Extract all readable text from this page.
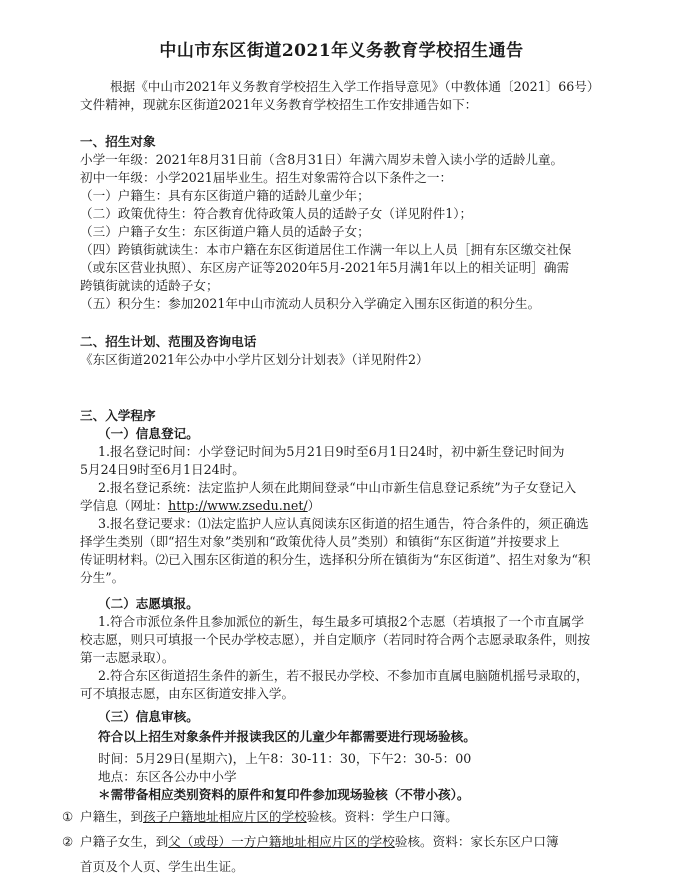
中山市东区街道2021年义务教育学校招生通告
根据《中山市2021年义务教育学校招生入学工作指导意见》（中教体通〔2021〕66号）
文件精神，现就东区街道2021年义务教育学校招生工作安排通告如下：
一、招生对象
小学一年级：2021年8月31日前（含8月31日）年满六周岁未曾入读小学的适龄儿童。
初中一年级：小学2021届毕业生。招生对象需符合以下条件之一：
（一）户籍生：具有东区街道户籍的适龄儿童少年；
（二）政策优待生：符合教育优待政策人员的适龄子女（详见附件1）；
（三）户籍子女生：东区街道户籍人员的适龄子女；
（四）跨镇街就读生：本市户籍在东区街道居住工作满一年以上人员［拥有东区缴交社保
（或东区营业执照）、东区房产证等2020年5月-2021年5月满1年以上的相关证明］确需
跨镇街就读的适龄子女；
（五）积分生：参加2021年中山市流动人员积分入学确定入围东区街道的积分生。
二、招生计划、范围及咨询电话
《东区街道2021年公办中小学片区划分计划表》（详见附件2）
三、入学程序
（一）信息登记。
1.报名登记时间：小学登记时间为5月21日9时至6月1日24时，初中新生登记时间为
5月24日9时至6月1日24时。
2.报名登记系统：法定监护人须在此期间登录“中山市新生信息登记系统”为子女登记入
学信息（网址：http://www.zsedu.net/）
3.报名登记要求：⑴法定监护人应认真阅读东区街道的招生通告，符合条件的，须正确选
择学生类别（即“招生对象”类别和“政策优待人员”类别）和镇街“东区街道”并按要求上
传证明材料。⑵已入围东区街道的积分生，选择积分所在镇街为“东区街道”、招生对象为“积
分生”。
（二）志愿填报。
1.符合市派位条件且参加派位的新生，每生最多可填报2个志愿（若填报了一个市直属学
校志愿，则只可填报一个民办学校志愿），并自定顺序（若同时符合两个志愿录取条件，则按
第一志愿录取）。
2.符合东区街道招生条件的新生，若不报民办学校、不参加市直属电脑随机摇号录取的，
可不填报志愿，由东区街道安排入学。
（三）信息审核。
符合以上招生对象条件并报读我区的儿童少年都需要进行现场验核。
时间：5月29日(星期六)，上午8：30-11：30，下午2：30-5：00
地点：东区各公办中小学
＊需带备相应类别资料的原件和复印件参加现场验核（不带小孩）。
① 户籍生，到孩子户籍地址相应片区的学校验核。资料：学生户口簿。
② 户籍子女生，到父（或母）一方户籍地址相应片区的学校验核。资料：家长东区户口簿
首页及个人页、学生出生证。
